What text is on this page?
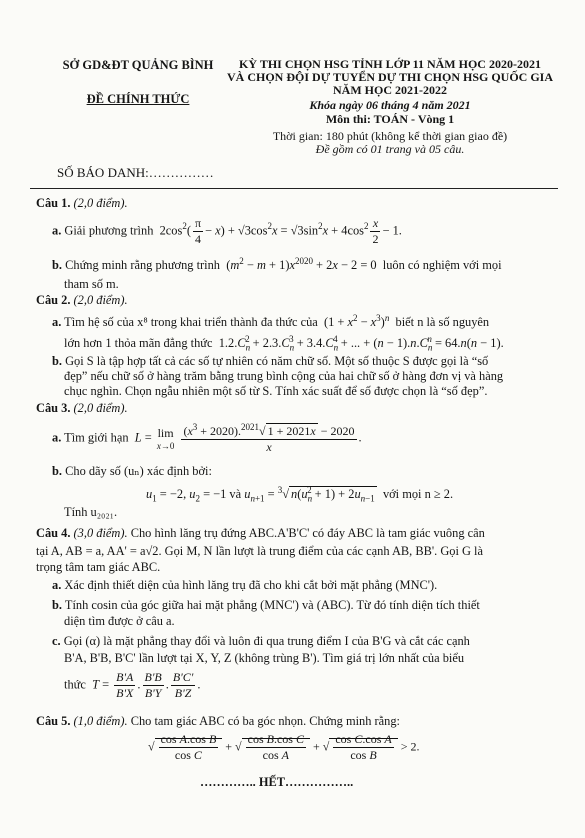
SỞ GD&ĐT QUẢNG BÌNH
ĐỀ CHÍNH THỨC
KỲ THI CHỌN HSG TỈNH LỚP 11 NĂM HỌC 2020-2021
VÀ CHỌN ĐỘI DỰ TUYỂN DỰ THI CHỌN HSG QUỐC GIA
NĂM HỌC 2021-2022
Khóa ngày 06 tháng 4 năm 2021
Môn thi: TOÁN - Vòng 1
Thời gian: 180 phút (không kể thời gian giao đề)
Đề gồm có 01 trang và 05 câu.
SỐ BÁO DANH:……………
Câu 1. (2,0 điểm).
a. Giải phương trình  $2\cos^2( \frac{\pi}{4} - x) + √3\cos^2x = √3\sin^2x + 4\cos^2 \frac{x}{2} - 1$.
b. Chứng minh rằng phương trình  $(m^2 - m + 1)x^{2020} + 2x - 2 = 0$  luôn có nghiệm với mọi
tham số m.
Câu 2. (2,0 điểm).
a. Tìm hệ số của x⁸ trong khai triển thành đa thức của  $(1 + x^2 - x^3)^n$ biết n là số nguyên
lớn hơn 1 thỏa mãn đẳng thức  $1.2.C_n^2 + 2.3.C_n^3 + 3.4.C_n^4$ + ... + $(n - 1).n.C_n^n = 64.n(n - 1)$.
b. Gọi S là tập hợp tất cả các số tự nhiên có năm chữ số. Một số thuộc S được gọi là “số
đẹp” nếu chữ số ở hàng trăm bằng trung bình cộng của hai chữ số ở hàng đơn vị và hàng
chục nghìn. Chọn ngẫu nhiên một số từ S. Tính xác suất để số được chọn là “số đẹp”.
Câu 3. (2,0 điểm).
a. Tìm giới hạn L = lim
x→0
$\frac{(x^3 + 2020).^{2021}√ 1 + 2021x - 2020}{x}$ .
b. Cho dãy số (uₙ) xác định bởi:
$u_1 = -2$, $u_2 = -1$ và $u_{n+1} = ^3√$ $n(u_n^2 + 1) + 2u_{n-1}$ với mọi n ≥ 2.
Tính u₂₀₂₁.
Câu 4. (3,0 điểm). Cho hình lăng trụ đứng ABC.A'B'C' có đáy ABC là tam giác vuông cân
tại A, AB = a, AA' = a√2. Gọi M, N lần lượt là trung điểm của các cạnh AB, BB'. Gọi G là
trọng tâm tam giác ABC.
a. Xác định thiết diện của hình lăng trụ đã cho khi cắt bởi mặt phẳng (MNC').
b. Tính cosin của góc giữa hai mặt phẳng (MNC') và (ABC). Từ đó tính diện tích thiết
diện tìm được ở câu a.
c. Gọi (α) là mặt phẳng thay đổi và luôn đi qua trung điểm I của B'G và cắt các cạnh
B'A, B'B, B'C' lần lượt tại X, Y, Z (không trùng B'). Tìm giá trị lớn nhất của biểu
thức $T = \frac{B'A}{B'X}$ . $\frac{B'B}{B'Y}$ . $\frac{B'C'}{B'Z}$ .
Câu 5. (1,0 điểm). Cho tam giác ABC có ba góc nhọn. Chứng minh rằng:
√ $\frac{\text{cos A.cos B}}{\text{cos C}}$ + √ $\frac{\text{cos B.cos C}}{\text{cos A}}$ + √ $\frac{\text{cos C.cos A}}{\text{cos B}} > 2$.
………….. HẾT……………..
